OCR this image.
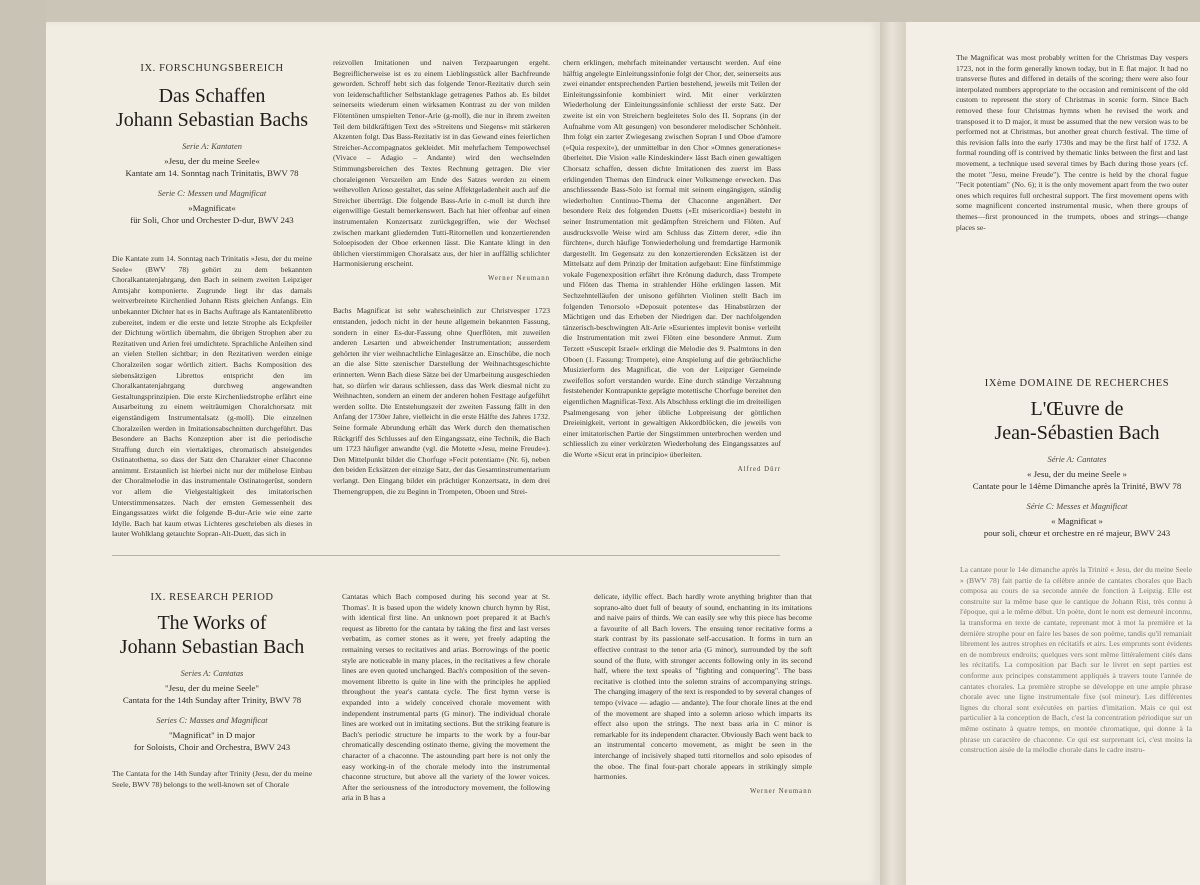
IX. FORSCHUNGSBEREICH
Das Schaffen
Johann Sebastian Bachs
Serie A: Kantaten
»Jesu, der du meine Seele«
Kantate am 14. Sonntag nach Trinitatis, BWV 78
Serie C: Messen und Magnificat
»Magnificat«
für Soli, Chor und Orchester D-dur, BWV 243

Die Kantate zum 14. Sonntag nach Trinitatis »Jesu, der du meine Seele« (BWV 78) gehört zu dem bekannten Choralkantatenjahrgang, den Bach in seinem zweiten Leipziger Amtsjahr komponierte. Zugrunde liegt ihr das damals weitverbreitete Kirchenlied Johann Rists gleichen Anfangs. Ein unbekannter Dichter hat es in Bachs Auftrage als Kantatenlibretto zubereitet, indem er die erste und letzte Strophe als Eckpfeiler der Dichtung wörtlich übernahm, die übrigen Strophen aber zu Rezitativen und Arien frei umdichtete. Sprachliche Anleihen sind an vielen Stellen sichtbar; in den Rezitativen werden einige Choralzeilen sogar wörtlich zitiert. Bachs Komposition des siebensätzigen Librettos entspricht den im Choralkantatenjahrgang durchweg angewandten Gestaltungsprinzipien. Die erste Kirchenliedstrophe erfährt eine Ausarbeitung zu einem weiträumigen Choralchorsatz mit eigenständigem Instrumentalsatz (g-moll). Die einzelnen Choralzeilen werden in Imitationsabschnitten durchgeführt. Das Besondere an Bachs Konzeption aber ist die periodische Straffung durch ein viertaktiges, chromatisch absteigendes Ostinatothema, so dass der Satz den Charakter einer Chaconne annimmt. Erstaunlich ist hierbei nicht nur der mühelose Einbau der Choralmelodie in das instrumentale Ostinatogerüst, sondern vor allem die Vielgestaltigkeit des imitatorischen Unterstimmensatzes. Nach der ernsten Gemessenheit des Eingangssatzes wirkt die folgende B-dur-Arie wie eine zarte Idylle. Bach hat kaum etwas Lichteres geschrieben als dieses in lauter Wohlklang getauchte Sopran-Alt-Duett, das sich in

reizvollen Imitationen und naiven Terzpaarungen ergeht. Begreiflicherweise ist es zu einem Lieblingsstück aller Bachfreunde geworden. Schroff hebt sich das folgende Tenor-Rezitativ durch sein von leidenschaftlicher Selbstanklage getragenes Pathos ab. Es bildet seinerseits wiederum einen wirksamen Kontrast zu der von milden Flötentönen umspielten Tenor-Arie (g-moll), die nur in ihrem zweiten Teil dem bildkräftigen Text des »Streitens und Siegens« mit stärkeren Akzenten folgt. Das Bass-Rezitativ ist in das Gewand eines feierlichen Streicher-Accompagnatos gekleidet. Mit mehrfachem Tempowechsel (Vivace – Adagio – Andante) wird den wechselnden Stimmungsbereichen des Textes Rechnung getragen. Die vier choraleigenen Verszeilen am Ende des Satzes werden zu einem weihevollen Arioso gestaltet, das seine Affektgeladenheit auch auf die Streicher überträgt. Die folgende Bass-Arie in c-moll ist durch ihre eigenwillige Gestalt bemerkenswert. Bach hat hier offenbar auf einen instrumentalen Konzertsatz zurückgegriffen, wie der Wechsel zwischen markant gliedernden Tutti-Ritornellen und konzertierenden Soloepisoden der Oboe erkennen lässt. Die Kantate klingt in den üblichen vierstimmigen Choralsatz aus, der hier in auffällig schlichter Harmonisierung erscheint.

Werner Neumann

Bachs Magnificat ist sehr wahrscheinlich zur Christvesper 1723 entstanden, jedoch nicht in der heute allgemein bekannten Fassung, sondern in einer Es-dur-Fassung ohne Querflöten, mit zuweilen anderen Lesarten und abweichender Instrumentation; ausserdem gehörten ihr vier weihnachtliche Einlagesätze an. Einschübe, die noch an die alse Sitte szenischer Darstellung der Weihnachtsgeschichte erinnerten. Wenn Bach diese Sätze bei der Umarbeitung ausgeschieden hat, so dürfen wir daraus schliessen, dass das Werk diesmal nicht zu Weihnachten, sondern an einem der anderen hohen Festtage aufgeführt werden sollte. Die Entstehungszeit der zweiten Fassung fällt in den Anfang der 1730er Jahre, vielleicht in die erste Hälfte des Jahres 1732. Seine formale Abrundung erhält das Werk durch den thematischen Rückgriff des Schlusses auf den Eingangssatz, eine Technik, die Bach um 1723 häufiger anwandte (vgl. die Motette »Jesu, meine Freude«). Den Mittelpunkt bildet die Chorfuge »Fecit potentiam« (Nr. 6), neben den beiden Ecksätzen der einzige Satz, der das Gesamtinstrumentarium verlangt. Den Eingang bildet ein prächtiger Konzertsatz, in dem drei Themengruppen, die zu Beginn in Trompeten, Oboen und Strei-

chern erklingen, mehrfach miteinander vertauscht werden. Auf eine hälftig angelegte Einleitungssinfonie folgt der Chor, der, seinerseits aus zwei einander entsprechenden Partien bestehend, jeweils mit Teilen der Einleitungssinfonie kombiniert wird. Mit einer verkürzten Wiederholung der Einleitungssinfonie schliesst der erste Satz. Der zweite ist ein von Streichern begleitetes Solo des II. Soprans (in der Aufnahme vom Alt gesungen) von besonderer melodischer Schönheit. Ihm folgt ein zarter Zwiegesang zwischen Sopran I und Oboe d'amore (»Quia respexit«), der unmittelbar in den Chor »Omnes generationes« überleitet. Die Vision »alle Kindeskinder« lässt Bach einen gewaltigen Chorsatz schaffen, dessen dichte Imitationen des zuerst im Bass erklingenden Themas den Eindruck einer Volksmenge erwecken. Das anschliessende Bass-Solo ist formal mit seinem eingängigen, ständig wiederholten Continuo-Thema der Chaconne angenähert. Der besondere Reiz des folgenden Duetts (»Et misericordia«) besteht in seiner Instrumentation mit gedämpften Streichern und Flöten. Auf ausdrucksvolle Weise wird am Schluss das Zittern derer, »die ihn fürchten«, durch häufige Tonwiederholung und fremdartige Harmonik dargestellt. Im Gegensatz zu den konzertierenden Ecksätzen ist der Mittelsatz auf dem Prinzip der Imitation aufgebaut: Eine fünfstimmige vokale Fugenexposition erfährt ihre Krönung dadurch, dass Trompete und Flöten das Thema in strahlender Höhe erklingen lassen. Mit Sechzehntelläufen der unisono geführten Violinen stellt Bach im folgenden Tenorsolo »Deposuit potentes« das Hinabstürzen der Mächtigen und das Erheben der Niedrigen dar. Der nachfolgenden tänzerisch-beschwingten Alt-Arie »Esurientes implevit bonis« verleiht die Instrumentation mit zwei Flöten eine besondere Anmut. Zum Terzett »Suscepit Israel« erklingt die Melodie des 9. Psalmtons in den Oboen (1. Fassung: Trompete), eine Anspielung auf die gebräuchliche Musizierform des Magnificat, die von der Leipziger Gemeinde zweifellos sofort verstanden wurde. Eine durch ständige Verzahnung feststehender Kontrapunkte geprägte motettische Chorfuge bereitet den eigentlichen Magnificat-Text. Als Abschluss erklingt die im dreiteiligen Psalmengesang von jeher übliche Lobpreisung der göttlichen Dreieinigkeit, vertont in gewaltigen Akkordblöcken, die jeweils von einer imitatorischen Partie der Singstimmen unterbrochen werden und schliesslich zu einer verkürzten Wiederholung des Eingangssatzes auf die Worte »Sicut erat in principio« überleiten.

Alfred Dürr
IX. RESEARCH PERIOD
The Works of
Johann Sebastian Bach
Series A: Cantatas
"Jesu, der du meine Seele"
Cantata for the 14th Sunday after Trinity, BWV 78
Series C: Masses and Magnificat
"Magnificat" in D major
for Soloists, Choir and Orchestra, BWV 243

The Cantata for the 14th Sunday after Trinity (Jesu, der du meine Seele, BWV 78) belongs to the well-known set of Chorale

Cantatas which Bach composed during his second year at St. Thomas'. It is based upon the widely known church hymn by Rist, with identical first line. An unknown poet prepared it at Bach's request as libretto for the cantata by taking the first and last verses verbatim, as corner stones as it were, yet freely adapting the remaining verses to recitatives and arias. Borrowings of the poetic style are noticeable in many places, in the recitatives a few chorale lines are even quoted unchanged. Bach's composition of the seven-movement libretto is quite in line with the principles he applied throughout the year's cantata cycle. The first hymn verse is expanded into a widely conceived chorale movement with independent instrumental parts (G minor). The individual chorale lines are worked out in imitating sections. But the striking feature is Bach's periodic structure he imparts to the work by a four-bar chromatically descending ostinato theme, giving the movement the character of a chaconne. The astounding part here is not only the easy working-in of the chorale melody into the instrumental chaconne structure, but above all the variety of the lower voices. After the seriousness of the introductory movement, the following aria in B has a

delicate, idyllic effect. Bach hardly wrote anything brighter than that soprano-alto duet full of beauty of sound, enchanting in its imitations and naive pairs of thirds. We can easily see why this piece has become a favourite of all Bach lovers. The ensuing tenor recitative forms a stark contrast by its passionate self-accusation. It forms in turn an effective contrast to the tenor aria (G minor), surrounded by the soft sound of the flute, with stronger accents following only in its second half, where the text speaks of "fighting and conquering". The bass recitative is clothed into the solemn strains of accompanying strings. The changing imagery of the text is responded to by several changes of tempo (vivace — adagio — andante). The four chorale lines at the end of the movement are shaped into a solemn arioso which imparts its effect also upon the strings. The next bass aria in C minor is remarkable for its independent character. Obviously Bach went back to an instrumental concerto movement, as might be seen in the interchange of incisively shaped tutti ritornellos and solo episodes of the oboe. The final four-part chorale appears in strikingly simple harmonies.

Werner Neumann

The Magnificat was most probably written for the Christmas Day vespers 1723, not in the form generally known today, but in E flat major. It had no transverse flutes and differed in details of the scoring; there were also four interpolated numbers appropriate to the occasion and reminiscent of the old custom to represent the story of Christmas in scenic form. Since Bach removed these four Christmas hymns when he revised the work and transposed it to D major, it must be assumed that the new version was to be performed not at Christmas, but another great church festival. The time of this revision falls into the early 1730s and may be the first half of 1732. A formal rounding off is contrived by thematic links between the first and last movement, a technique used several times by Bach during those years (cf. the motet "Jesu, meine Freude"). The centre is held by the choral fugue "Fecit potentiam" (No. 6); it is the only movement apart from the two outer ones which requires full orchestral support. The first movement opens with some magnificent concerted instrumental music, when there groups of themes—first pronounced in the trumpets, oboes and strings—change places se-

IXème DOMAINE DE RECHERCHES
L'Œuvre de
Jean-Sébastien Bach
Série A: Cantates
« Jesu, der du meine Seele »
Cantate pour le 14ème Dimanche après la Trinité, BWV 78
Série C: Messes et Magnificat
« Magnificat »
pour soli, chœur et orchestre en ré majeur, BWV 243

La cantate pour le 14e dimanche après la Trinité « Jesu, der du meine Seele » (BWV 78) fait partie de la célèbre année de cantates chorales que Bach composa au cours de sa seconde année de fonction à Leipzig. Elle est construite sur la même base que le cantique de Johann Rist, très connu à l'époque, qui a le même début. Un poète, dont le nom est demeuré inconnu, la transforma en texte de cantate, reprenant mot à mot la première et la dernière strophe pour en faire les bases de son poème, tandis qu'il remaniait librement les autres strophes en récitatifs et airs. Les emprunts sont évidents en de nombreux endroits; quelques vers sont même littéralement cités dans les récitatifs. La composition par Bach sur le livret en sept parties est conforme aux principes constamment appliqués à travers toute l'année de cantates chorales. La première strophe se développe en une ample phrase chorale avec une ligne instrumentale fixe (sol mineur). Les différentes lignes du choral sont exécutées en parties d'imitation. Mais ce qui est particulier à la conception de Bach, c'est la concentration périodique sur un même ostinato à quatre temps, en montée chromatique, qui donne à la phrase un caractère de chaconne. Ce qui est surprenant ici, c'est moins la construction aisée de la mélodie chorale dans le cadre instru-
